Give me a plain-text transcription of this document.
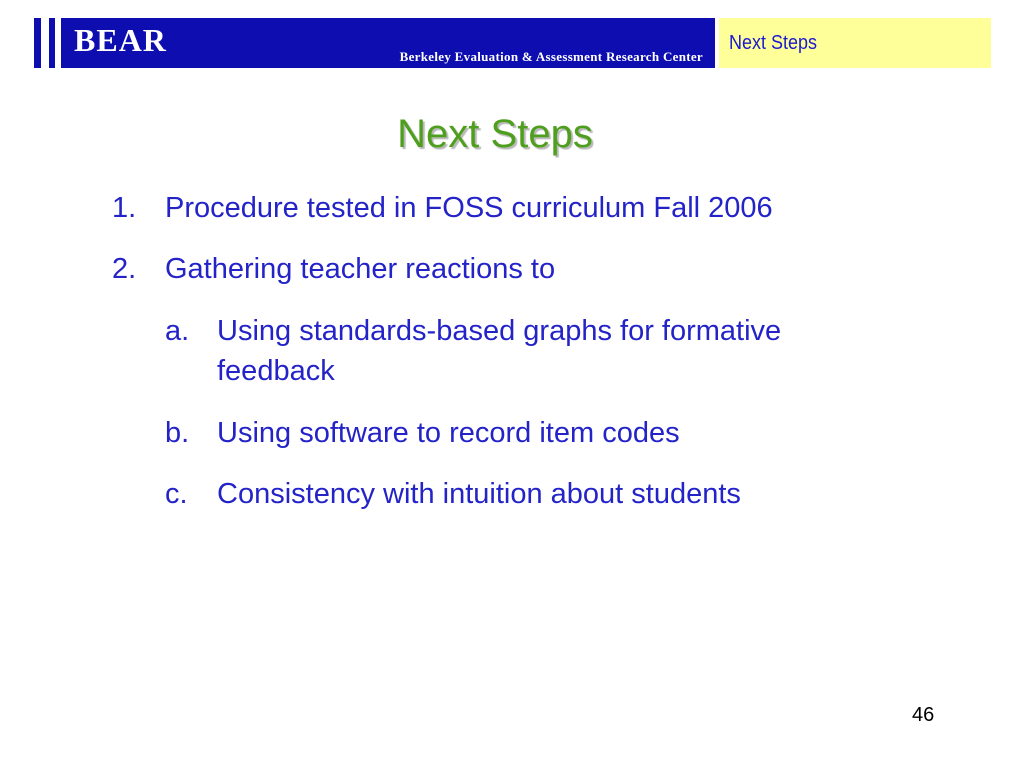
BEAR	Berkeley Evaluation & Assessment Research Center
Next Steps
Next Steps
1. Procedure tested in FOSS curriculum Fall 2006
2. Gathering teacher reactions to
a. Using standards-based graphs for formative
feedback
b. Using software to record item codes
c. Consistency with intuition about students
46
